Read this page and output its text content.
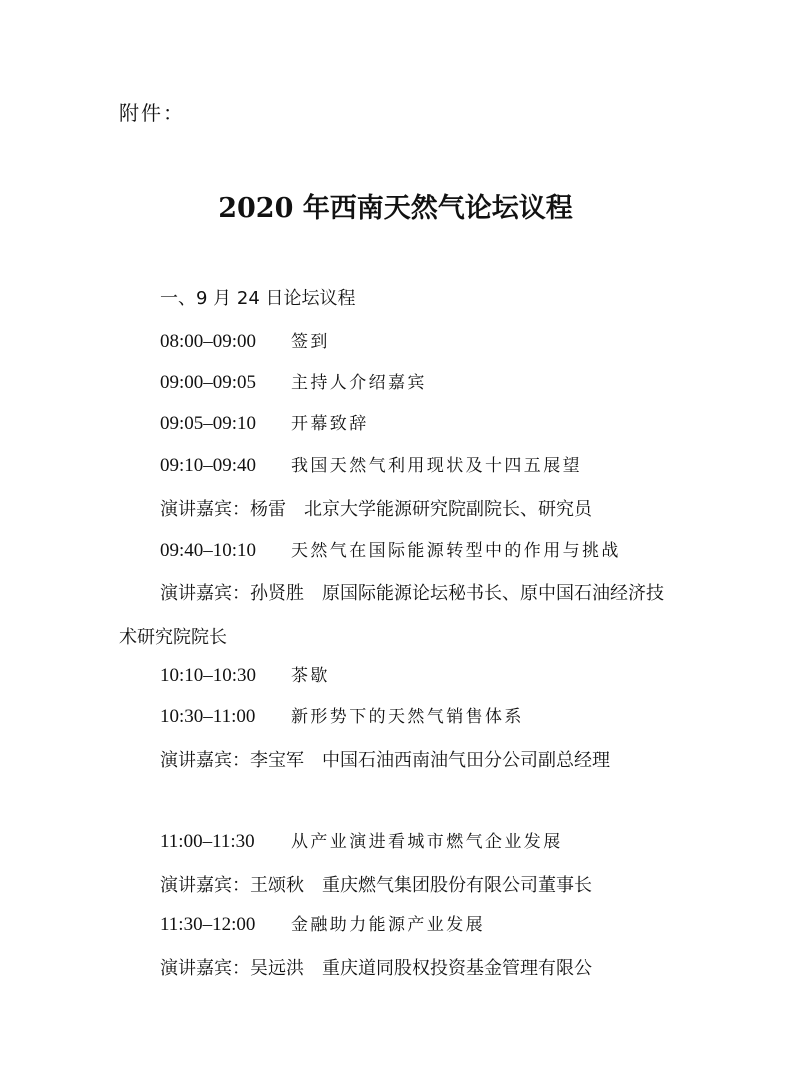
附件：
2020 年西南天然气论坛议程
一、9 月 24 日论坛议程
08:00–09:00 签到
09:00–09:05 主持人介绍嘉宾
09:05–09:10 开幕致辞
09:10–09:40 我国天然气利用现状及十四五展望
演讲嘉宾：杨雷　 北京大学能源研究院副院长、研究员
09:40–10:10 天然气在国际能源转型中的作用与挑战
演讲嘉宾：孙贤胜　 原国际能源论坛秘书长、原中国石油经济技术研究院院长
10:10–10:30 茶歇
10:30–11:00 新形势下的天然气销售体系
演讲嘉宾：李宝军　 中国石油西南油气田分公司副总经理
11:00–11:30 从产业演进看城市燃气企业发展
演讲嘉宾：王颂秋　 重庆燃气集团股份有限公司董事长
11:30–12:00 金融助力能源产业发展
演讲嘉宾：吴远洪　 重庆道同股权投资基金管理有限公
